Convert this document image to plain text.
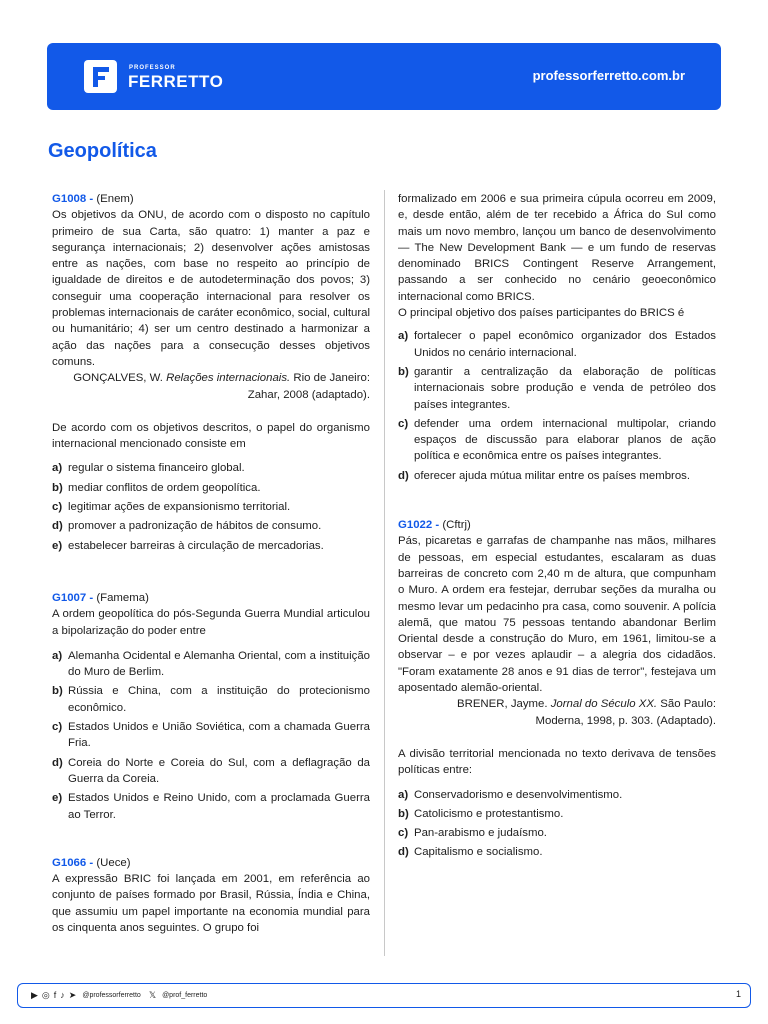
PROFESSOR
FERRETTO	professorferretto.com.br
Geopolítica
G1008 - (Enem)
Os objetivos da ONU, de acordo com o disposto no capítulo primeiro de sua Carta, são quatro: 1) manter a paz e segurança internacionais; 2) desenvolver ações amistosas entre as nações, com base no respeito ao princípio de igualdade de direitos e de autodeterminação dos povos; 3) conseguir uma cooperação internacional para resolver os problemas internacionais de caráter econômico, social, cultural ou humanitário; 4) ser um centro destinado a harmonizar a ação das nações para a consecução desses objetivos comuns.
GONÇALVES, W. Relações internacionais. Rio de Janeiro:
Zahar, 2008 (adaptado).
De acordo com os objetivos descritos, o papel do organismo internacional mencionado consiste em
a) regular o sistema financeiro global.
b) mediar conflitos de ordem geopolítica.
c) legitimar ações de expansionismo territorial.
d) promover a padronização de hábitos de consumo.
e) estabelecer barreiras à circulação de mercadorias.
G1007 - (Famema)
A ordem geopolítica do pós-Segunda Guerra Mundial articulou a bipolarização do poder entre
a) Alemanha Ocidental e Alemanha Oriental, com a instituição do Muro de Berlim.
b) Rússia e China, com a instituição do protecionismo econômico.
c) Estados Unidos e União Soviética, com a chamada Guerra Fria.
d) Coreia do Norte e Coreia do Sul, com a deflagração da Guerra da Coreia.
e) Estados Unidos e Reino Unido, com a proclamada Guerra ao Terror.
G1066 - (Uece)
A expressão BRIC foi lançada em 2001, em referência ao conjunto de países formado por Brasil, Rússia, Índia e China, que assumiu um papel importante na economia mundial para os cinquenta anos seguintes. O grupo foi
formalizado em 2006 e sua primeira cúpula ocorreu em 2009, e, desde então, além de ter recebido a África do Sul como mais um novo membro, lançou um banco de desenvolvimento — The New Development Bank — e um fundo de reservas denominado BRICS Contingent Reserve Arrangement, passando a ser conhecido no cenário geoeconômico internacional como BRICS.
O principal objetivo dos países participantes do BRICS é
a) fortalecer o papel econômico organizador dos Estados Unidos no cenário internacional.
b) garantir a centralização da elaboração de políticas internacionais sobre produção e venda de petróleo dos países integrantes.
c) defender uma ordem internacional multipolar, criando espaços de discussão para elaborar planos de ação política e econômica entre os países integrantes.
d) oferecer ajuda mútua militar entre os países membros.
G1022 - (Cftrj)
Pás, picaretas e garrafas de champanhe nas mãos, milhares de pessoas, em especial estudantes, escalaram as duas barreiras de concreto com 2,40 m de altura, que compunham o Muro. A ordem era festejar, derrubar seções da muralha ou mesmo levar um pedacinho pra casa, como souvenir. A polícia alemã, que matou 75 pessoas tentando abandonar Berlim Oriental desde a construção do Muro, em 1961, limitou-se a observar – e por vezes aplaudir – a alegria dos cidadãos. "Foram exatamente 28 anos e 91 dias de terror", festejava um aposentado alemão-oriental.
BRENER, Jayme. Jornal do Século XX. São Paulo:
Moderna, 1998, p. 303. (Adaptado).
A divisão territorial mencionada no texto derivava de tensões políticas entre:
a) Conservadorismo e desenvolvimentismo.
b) Catolicismo e protestantismo.
c) Pan-arabismo e judaísmo.
d) Capitalismo e socialismo.
▶ ◎ f ♪ ➤ @professorferretto 𝕏 @prof_ferretto	1
